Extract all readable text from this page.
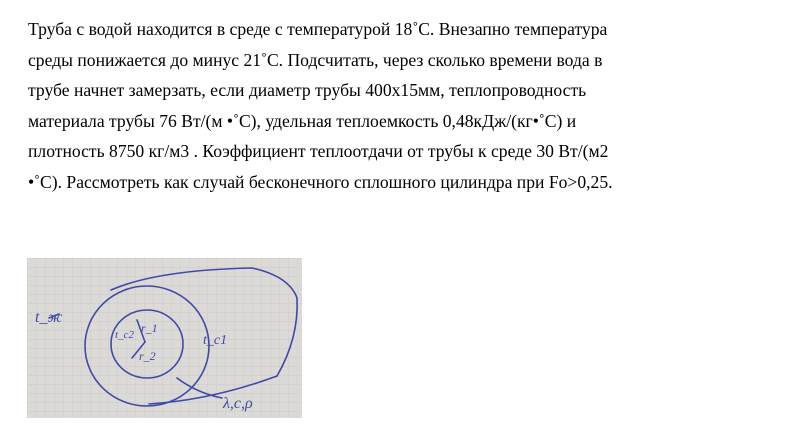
Труба с водой находится в среде с температурой 18˚С. Внезапно температура
среды понижается до минус 21˚С. Подсчитать, через сколько времени вода в
трубе начнет замерзать, если диаметр трубы 400х15мм, теплопроводность
материала трубы 76 Вт/(м •˚С), удельная теплоемкость 0,48кДж/(кг•˚С) и
плотность 8750 кг/м3 . Коэффициент теплоотдачи от трубы к среде 30 Вт/(м2
•˚С). Рассмотреть как случай бесконечного сплошного цилиндра при Fo>0,25.
t_ж
t_c2	t_c1
r_1
r_2
λ,c,ρ
